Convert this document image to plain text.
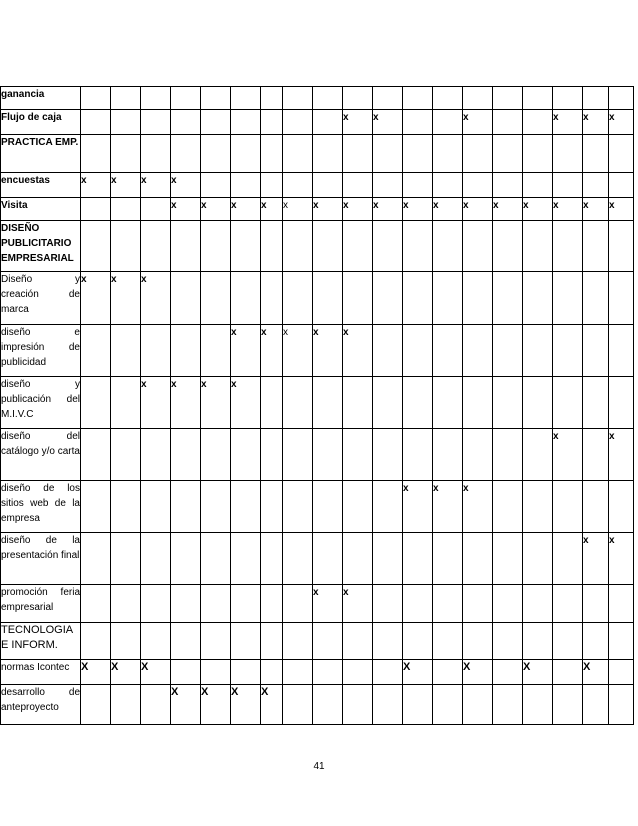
ganancia																				
Flujo de caja										x	x			x			x	x	x	
PRACTICA EMP.																				
encuestas	x	x	x	x																
Visita				x	x	x	x	x	x	x	x	x	x	x	x	x	x	x	x	
DISEÑO PUBLICITARIO EMPRESARIAL																				
Diseño y creación de marca	x	x	x																	
diseño e impresión de publicidad						x	x	x	x	x										
diseño y publicación del M.I.V.C			x	x	x	x														
diseño del catálogo y/o carta																	x		x	
diseño de los sitios web de la empresa												x	x	x						
diseño de la presentación final																		x	x	
promoción feria empresarial									x	x										
TECNOLOGIA E INFORM.																				
normas Icontec	X	X	X									X		X		X		X		
desarrollo de anteproyecto				X	X	X	X													
41
